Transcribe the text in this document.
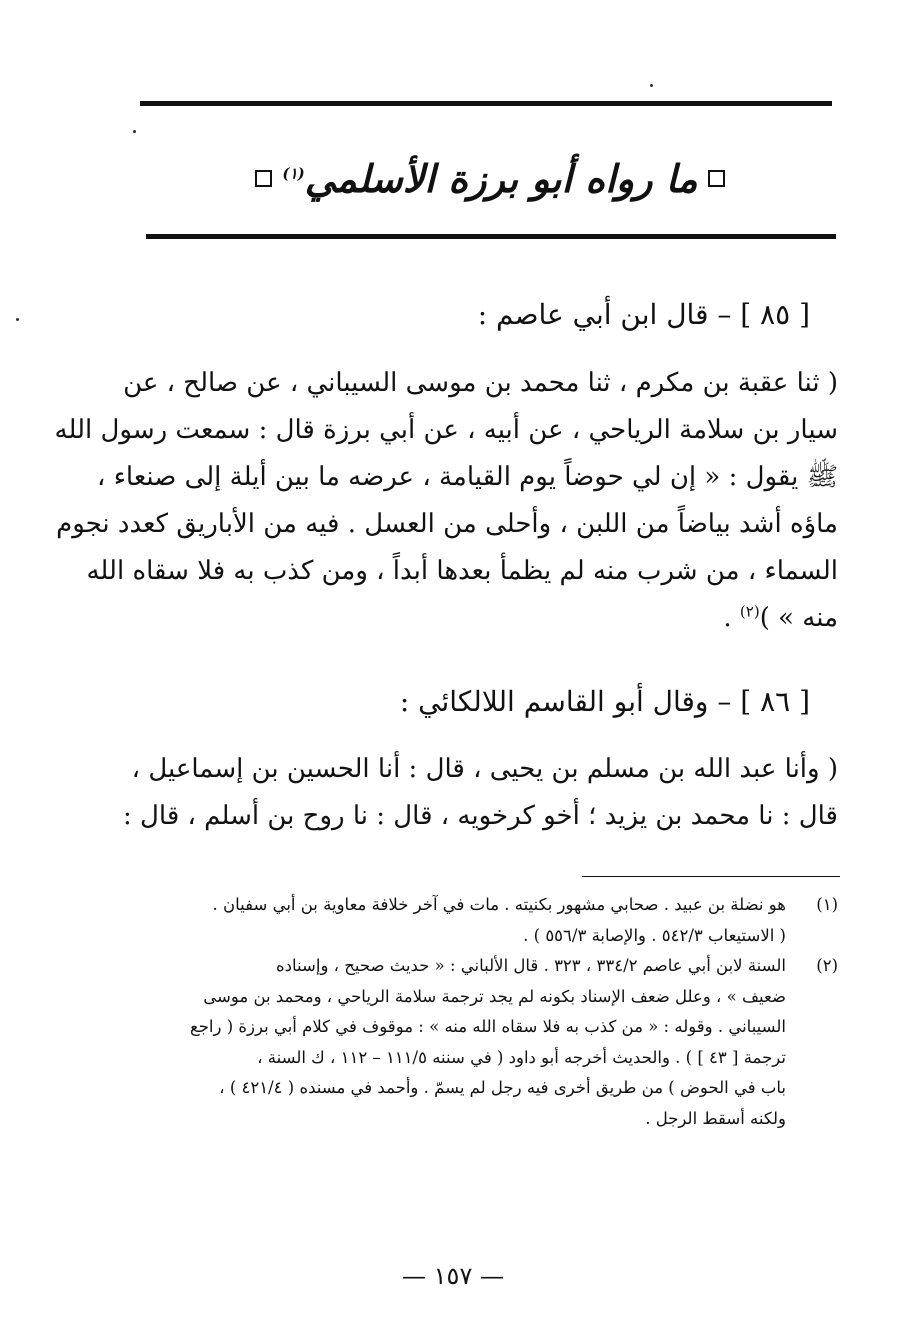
ما رواه أبو برزة الأسلمي$^{(١)}$
[ ٨٥ ] – قال ابن أبي عاصم :
( ثنا عقبة بن مكرم ، ثنا محمد بن موسى السيباني ، عن صالح ، عن
سيار بن سلامة الرياحي ، عن أبيه ، عن أبي برزة قال : سمعت رسول الله
ﷺ يقول : « إن لي حوضاً يوم القيامة ، عرضه ما بين أيلة إلى صنعاء ،
ماؤه أشد بياضاً من اللبن ، وأحلى من العسل . فيه من الأباريق كعدد نجوم
السماء ، من شرب منه لم يظمأ بعدها أبداً ، ومن كذب به فلا سقاه الله
منه » )$^{(٢)}$ .
[ ٨٦ ] – وقال أبو القاسم اللالكائي :
( وأنا عبد الله بن مسلم بن يحيى ، قال : أنا الحسين بن إسماعيل ،
قال : نا محمد بن يزيد ؛ أخو كرخويه ، قال : نا روح بن أسلم ، قال :
(١)
هو نضلة بن عبيد . صحابي مشهور بكنيته . مات في آخر خلافة معاوية بن أبي سفيان .
( الاستيعاب ٥٤٢/٣ . والإصابة ٥٥٦/٣ ) .
(٢)
السنة لابن أبي عاصم ٣٣٤/٢ ، ٣٢٣ . قال الألباني : « حديث صحيح ، وإسناده
ضعيف » ، وعلل ضعف الإسناد بكونه لم يجد ترجمة سلامة الرياحي ، ومحمد بن موسى
السيباني . وقوله : « من كذب به فلا سقاه الله منه » : موقوف في كلام أبي برزة ( راجع
ترجمة [ ٤٣ ] ) . والحديث أخرجه أبو داود ( في سننه ١١١/٥ – ١١٢ ، ك السنة ،
باب في الحوض ) من طريق أخرى فيه رجل لم يسمّ . وأحمد في مسنده ( ٤٢١/٤ ) ،
ولكنه أسقط الرجل .
— ١٥٧ —
